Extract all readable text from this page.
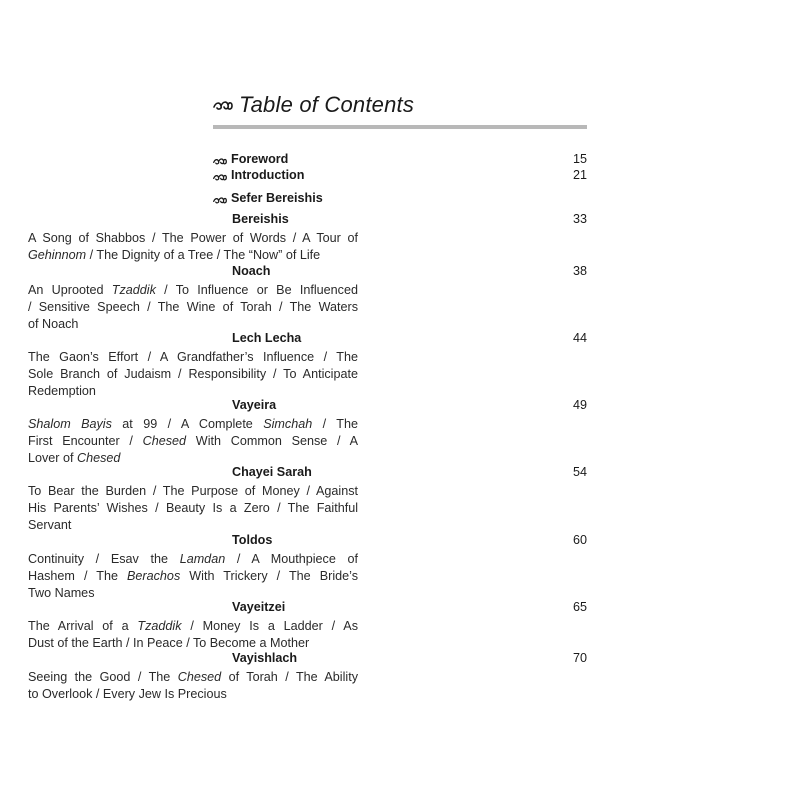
Table of Contents
Foreword	15
Introduction	21
Sefer Bereishis
Bereishis	33
A Song of Shabbos / The Power of Words / A Tour of
Gehinnom / The Dignity of a Tree / The “Now” of Life
Noach	38
An Uprooted Tzaddik / To Influence or Be Influenced
/ Sensitive Speech / The Wine of Torah / The Waters
of Noach
Lech Lecha	44
The Gaon’s Effort / A Grandfather’s Influence / The
Sole Branch of Judaism / Responsibility / To Anticipate
Redemption
Vayeira	49
Shalom Bayis at 99 / A Complete Simchah / The
First Encounter / Chesed With Common Sense / A
Lover of Chesed
Chayei Sarah	54
To Bear the Burden / The Purpose of Money / Against
His Parents’ Wishes / Beauty Is a Zero / The Faithful
Servant
Toldos	60
Continuity / Esav the Lamdan / A Mouthpiece of
Hashem / The Berachos With Trickery / The Bride’s
Two Names
Vayeitzei	65
The Arrival of a Tzaddik / Money Is a Ladder / As
Dust of the Earth / In Peace / To Become a Mother
Vayishlach	70
Seeing the Good / The Chesed of Torah / The Ability
to Overlook / Every Jew Is Precious
